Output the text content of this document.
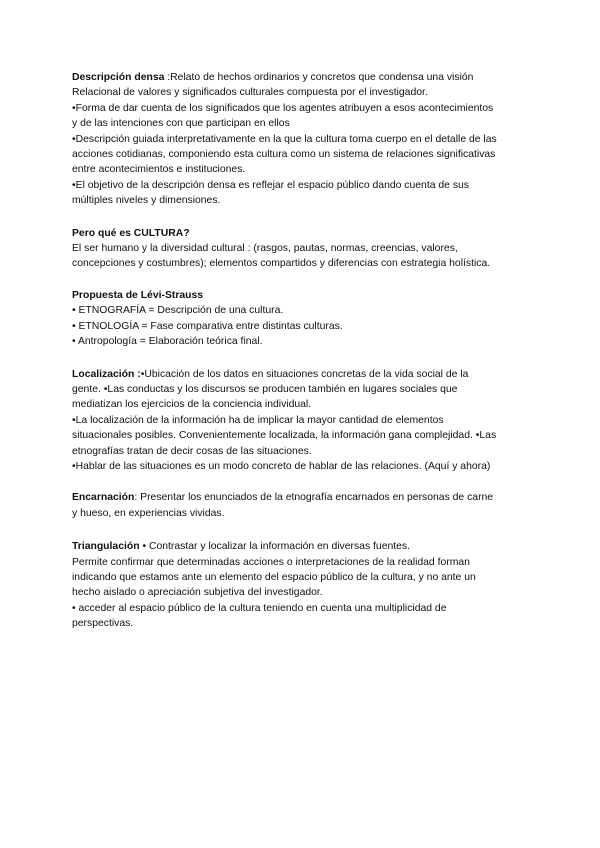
Descripción densa :Relato de hechos ordinarios y concretos que condensa una visión
Relacional de valores y significados culturales compuesta por el investigador.
•Forma de dar cuenta de los significados que los agentes atribuyen a esos acontecimientos
y de las intenciones con que participan en ellos
•Descripción guiada interpretativamente en la que la cultura toma cuerpo en el detalle de las
acciones cotidianas, componiendo esta cultura como un sistema de relaciones significativas
entre acontecimientos e instituciones.
•El objetivo de la descripción densa es reflejar el espacio público dando cuenta de sus
múltiples niveles y dimensiones.
Pero qué es CULTURA?
El ser humano y la diversidad cultural : (rasgos, pautas, normas, creencias, valores,
concepciones y costumbres); elementos compartidos y diferencias con estrategia holística.
Propuesta de Lévi-Strauss
• ETNOGRAFÍA = Descripción de una cultura.
• ETNOLOGÍA = Fase comparativa entre distintas culturas.
• Antropología = Elaboración teórica final.
Localización :•Ubicación de los datos en situaciones concretas de la vida social de la
gente. •Las conductas y los discursos se producen también en lugares sociales que
mediatizan los ejercicios de la conciencia individual.
•La localización de la información ha de implicar la mayor cantidad de elementos
situacionales posibles. Convenientemente localizada, la información gana complejidad. •Las
etnografías tratan de decir cosas de las situaciones.
•Hablar de las situaciones es un modo concreto de hablar de las relaciones. (Aquí y ahora)
Encarnación: Presentar los enunciados de la etnografía encarnados en personas de carne
y hueso, en experiencias vividas.
Triangulación • Contrastar y localizar la información en diversas fuentes.
Permite confirmar que determinadas acciones o interpretaciones de la realidad forman
indicando que estamos ante un elemento del espacio público de la cultura, y no ante un
hecho aislado o apreciación subjetiva del investigador.
• acceder al espacio público de la cultura teniendo en cuenta una multiplicidad de
perspectivas.
